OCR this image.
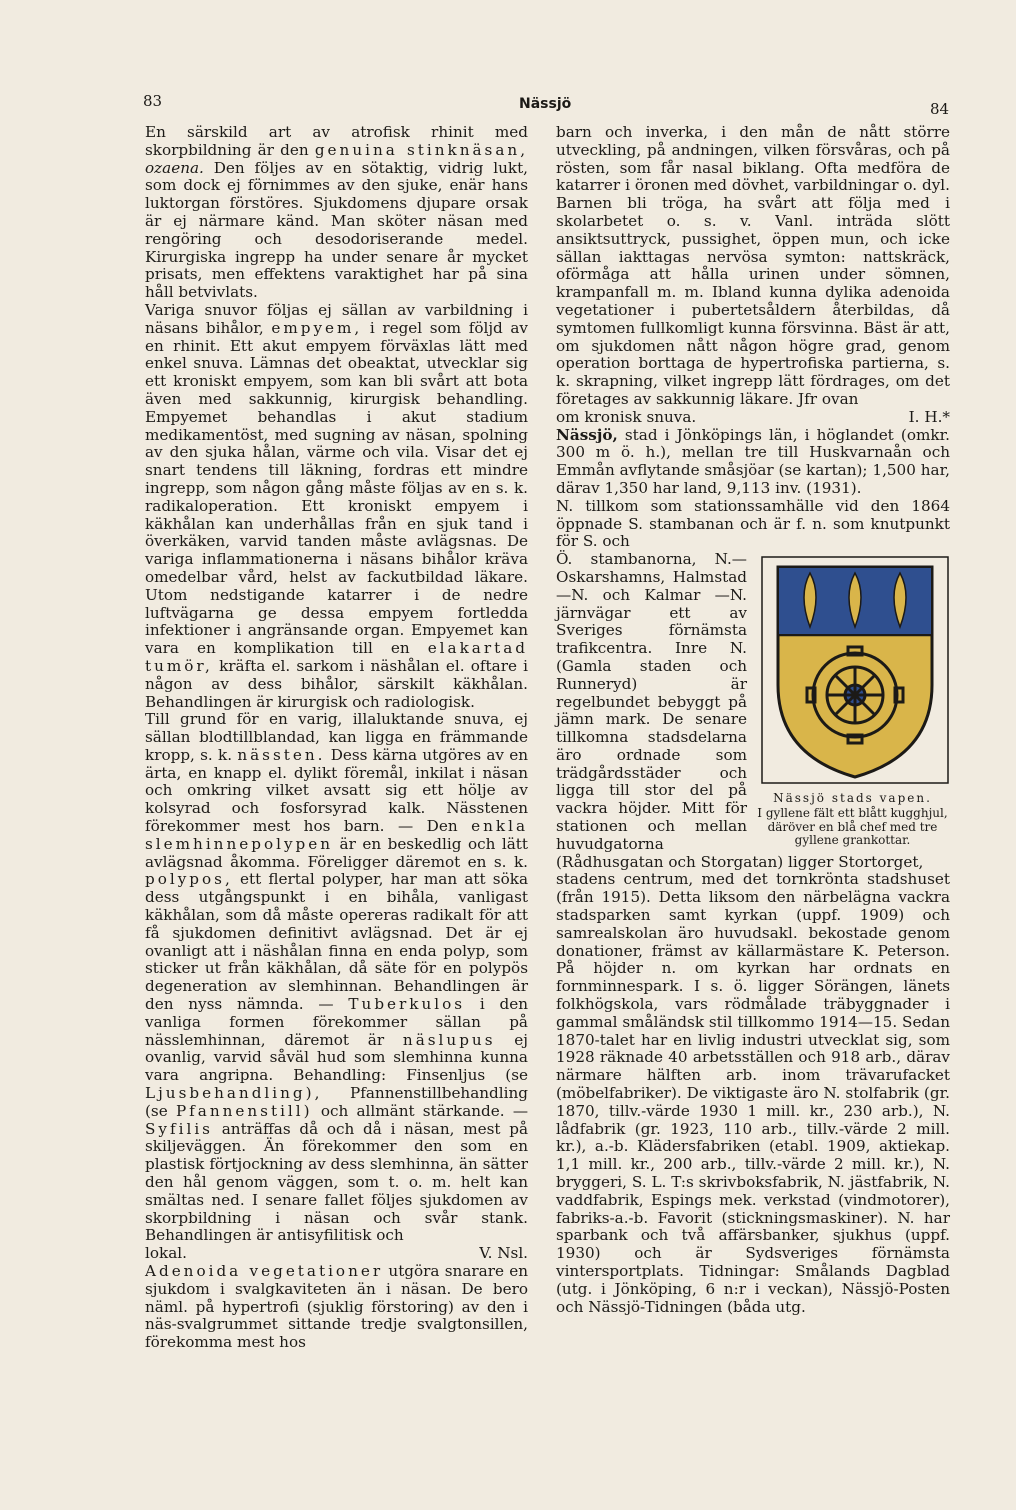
83	Nässjö	84

En särskild art av atrofisk rhinit med skorpbildning är den genuina stinknäsan, ozaena. Den följes av en sötaktig, vidrig lukt, som dock ej förnimmes av den sjuke, enär hans luktorgan förstöres. Sjukdomens djupare orsak är ej närmare känd. Man sköter näsan med rengöring och desodoriserande medel. Kirurgiska ingrepp ha under senare år mycket prisats, men effektens varaktighet har på sina håll betvivlats.

Variga snuvor följas ej sällan av varbildning i näsans bihålor, empyem, i regel som följd av en rhinit. Ett akut empyem förväxlas lätt med enkel snuva. Lämnas det obeaktat, utvecklar sig ett kroniskt empyem, som kan bli svårt att bota även med sakkunnig, kirurgisk behandling. Empyemet behandlas i akut stadium medikamentöst, med sugning av näsan, spolning av den sjuka hålan, värme och vila. Visar det ej snart tendens till läkning, fordras ett mindre ingrepp, som någon gång måste följas av en s. k. radikaloperation. Ett kroniskt empyem i käkhålan kan underhållas från en sjuk tand i överkäken, varvid tanden måste avlägsnas. De variga inflammationerna i näsans bihålor kräva omedelbar vård, helst av fackutbildad läkare. Utom nedstigande katarrer i de nedre luftvägarna ge dessa empyem fortledda infektioner i angränsande organ. Empyemet kan vara en komplikation till en elakartad tumör, kräfta el. sarkom i näshålan el. oftare i någon av dess bihålor, särskilt käkhålan. Behandlingen är kirurgisk och radiologisk.

Till grund för en varig, illaluktande snuva, ej sällan blodtillblandad, kan ligga en främmande kropp, s. k. nässten. Dess kärna utgöres av en ärta, en knapp el. dylikt föremål, inkilat i näsan och omkring vilket avsatt sig ett hölje av kolsyrad och fosforsyrad kalk. Nässtenen förekommer mest hos barn. — Den enkla slemhinnepolypen är en beskedlig och lätt avlägsnad åkomma. Föreligger däremot en s. k. polypos, ett flertal polyper, har man att söka dess utgångspunkt i en bihåla, vanligast käkhålan, som då måste opereras radikalt för att få sjukdomen definitivt avlägsnad. Det är ej ovanligt att i näshålan finna en enda polyp, som sticker ut från käkhålan, då säte för en polypös degeneration av slemhinnan. Behandlingen är den nyss nämnda. — Tuberkulos i den vanliga formen förekommer sällan på nässlemhinnan, däremot är näslupus ej ovanlig, varvid såväl hud som slemhinna kunna vara angripna. Behandling: Finsenljus (se Ljusbehandling), Pfannenstillbehandling (se Pfannenstill) och allmänt stärkande. — Syfilis anträffas då och då i näsan, mest på skiljeväggen. Än förekommer den som en plastisk förtjockning av dess slemhinna, än sätter den hål genom väggen, som t. o. m. helt kan smältas ned. I senare fallet följes sjukdomen av skorpbildning i näsan och svår stank. Behandlingen är antisyfilitisk och

lokal.	V. Nsl.

Adenoida vegetationer utgöra snarare en sjukdom i svalgkaviteten än i näsan. De bero näml. på hypertrofi (sjuklig förstoring) av den i näs-svalgrummet sittande tredje svalgtonsillen, förekomma mest hos

barn och inverka, i den mån de nått större utveckling, på andningen, vilken försvåras, och på rösten, som får nasal biklang. Ofta medföra de katarrer i öronen med dövhet, varbildningar o. dyl. Barnen bli tröga, ha svårt att följa med i skolarbetet o. s. v. Vanl. inträda slött ansiktsuttryck, pussighet, öppen mun, och icke sällan iakttagas nervösa symton: nattskräck, oförmåga att hålla urinen under sömnen, krampanfall m. m. Ibland kunna dylika adenoida vegetationer i pubertetsåldern återbildas, då symtomen fullkomligt kunna försvinna. Bäst är att, om sjukdomen nått någon högre grad, genom operation borttaga de hypertrofiska partierna, s. k. skrapning, vilket ingrepp lätt fördrages, om det företages av sakkunnig läkare. Jfr ovan

om kronisk snuva.	I. H.*

Nässjö, stad i Jönköpings län, i höglandet (omkr. 300 m ö. h.), mellan tre till Huskvarnaån och Emmån avflytande småsjöar (se kartan); 1,500 har, därav 1,350 har land, 9,113 inv. (1931).

N. tillkom som stationssamhälle vid den 1864 öppnade S. stambanan och är f. n. som knutpunkt för S. och

Nässjö stads vapen.
I gyllene fält ett blått kugghjul, däröver en blå chef med tre gyllene grankottar.

Ö. stambanorna, N.—Oskarshamns, Halmstad—N. och Kalmar —N. järnvägar ett av Sveriges förnämsta trafikcentra. Inre N. (Gamla staden och Runneryd) är regelbundet bebyggt på jämn mark. De senare tillkomna stadsdelarna äro ordnade som trädgårdsstäder och ligga till stor del på vackra höjder. Mitt för stationen och mellan huvudgatorna (Rådhusgatan och Storgatan) ligger Stortorget,

stadens centrum, med det tornkrönta stadshuset (från 1915). Detta liksom den närbelägna vackra stadsparken samt kyrkan (uppf. 1909) och samrealskolan äro huvudsakl. bekostade genom donationer, främst av källarmästare K. Peterson. På höjder n. om kyrkan har ordnats en fornminnespark. I s. ö. ligger Sörängen, länets folkhögskola, vars rödmålade träbyggnader i gammal småländsk stil tillkommo 1914—15. Sedan 1870-talet har en livlig industri utvecklat sig, som 1928 räknade 40 arbetsställen och 918 arb., därav närmare hälften arb. inom trävarufacket (möbelfabriker). De viktigaste äro N. stolfabrik (gr. 1870, tillv.-värde 1930 1 mill. kr., 230 arb.), N. lådfabrik (gr. 1923, 110 arb., tillv.-värde 2 mill. kr.), a.-b. Klädersfabriken (etabl. 1909, aktiekap. 1,1 mill. kr., 200 arb., tillv.-värde 2 mill. kr.), N. bryggeri, S. L. T:s skrivboksfabrik, N. jästfabrik, N. vaddfabrik, Espings mek. verkstad (vindmotorer), fabriks-a.-b. Favorit (stickningsmaskiner). N. har sparbank och två affärsbanker, sjukhus (uppf. 1930) och är Sydsveriges förnämsta vintersportplats. Tidningar: Smålands Dagblad (utg. i Jönköping, 6 n:r i veckan), Nässjö-Posten och Nässjö-Tidningen (båda utg.
